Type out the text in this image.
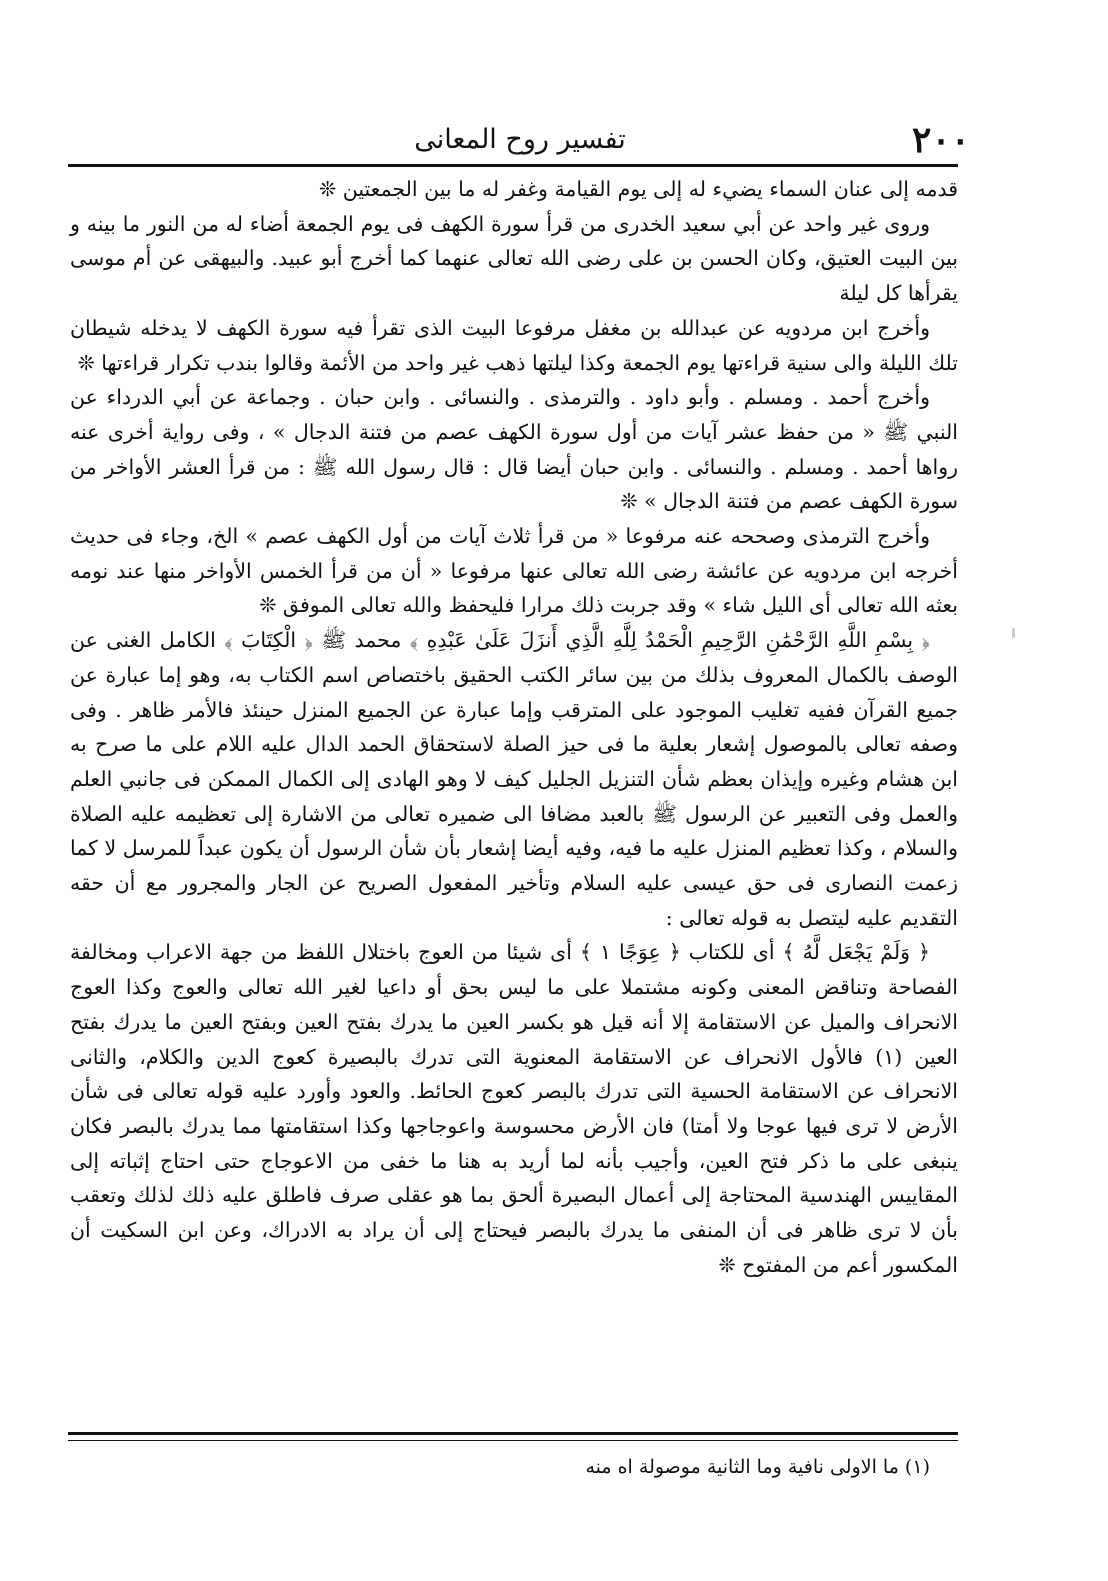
٢٠٠
تفسير روح المعانى

قدمه إلى عنان السماء يضيء له إلى يوم القيامة وغفر له ما بين الجمعتين ❊

وروى غير واحد عن أبي سعيد الخدرى من قرأ سورة الكهف فى يوم الجمعة أضاء له من النور ما بينه و بين البيت العتيق، وكان الحسن بن على رضى الله تعالى عنهما كما أخرج أبو عبيد. والبيهقى عن أم موسى يقرأها كل ليلة

وأخرج ابن مردويه عن عبدالله بن مغفل مرفوعا البيت الذى تقرأ فيه سورة الكهف لا يدخله شيطان تلك الليلة والى سنية قراءتها يوم الجمعة وكذا ليلتها ذهب غير واحد من الأئمة وقالوا بندب تكرار قراءتها ❊

وأخرج أحمد . ومسلم . وأبو داود . والترمذى . والنسائى . وابن حبان . وجماعة عن أبي الدرداء عن النبي ﷺ « من حفظ عشر آيات من أول سورة الكهف عصم من فتنة الدجال » ، وفى رواية أخرى عنه رواها أحمد . ومسلم . والنسائى . وابن حبان أيضا قال : قال رسول الله ﷺ : من قرأ العشر الأواخر من سورة الكهف عصم من فتنة الدجال » ❊

وأخرج الترمذى وصححه عنه مرفوعا « من قرأ ثلاث آيات من أول الكهف عصم » الخ، وجاء فى حديث أخرجه ابن مردويه عن عائشة رضى الله تعالى عنها مرفوعا « أن من قرأ الخمس الأواخر منها عند نومه بعثه الله تعالى أى الليل شاء » وقد جربت ذلك مرارا فليحفظ والله تعالى الموفق ❊

﴿ بِسْمِ اللَّهِ الرَّحْمَٰنِ الرَّحِيمِ الْحَمْدُ لِلَّهِ الَّذِي أَنزَلَ عَلَىٰ عَبْدِهِ ﴾ محمد ﷺ ﴿ الْكِتَابَ ﴾ الكامل الغنى عن الوصف بالكمال المعروف بذلك من بين سائر الكتب الحقيق باختصاص اسم الكتاب به، وهو إما عبارة عن جميع القرآن ففيه تغليب الموجود على المترقب وإما عبارة عن الجميع المنزل حينئذ فالأمر ظاهر . وفى وصفه تعالى بالموصول إشعار بعلية ما فى حيز الصلة لاستحقاق الحمد الدال عليه اللام على ما صرح به ابن هشام وغيره وإيذان بعظم شأن التنزيل الجليل كيف لا وهو الهادى إلى الكمال الممكن فى جانبي العلم والعمل وفى التعبير عن الرسول ﷺ بالعبد مضافا الى ضميره تعالى من الاشارة إلى تعظيمه عليه الصلاة والسلام ، وكذا تعظيم المنزل عليه ما فيه، وفيه أيضا إشعار بأن شأن الرسول أن يكون عبداً للمرسل لا كما زعمت النصارى فى حق عيسى عليه السلام وتأخير المفعول الصريح عن الجار والمجرور مع أن حقه التقديم عليه ليتصل به قوله تعالى :

﴿ وَلَمْ يَجْعَل لَّهُ ﴾ أى للكتاب ﴿ عِوَجًا ١ ﴾ أى شيئا من العوج باختلال اللفظ من جهة الاعراب ومخالفة الفصاحة وتناقض المعنى وكونه مشتملا على ما ليس بحق أو داعيا لغير الله تعالى والعوج وكذا العوج الانحراف والميل عن الاستقامة إلا أنه قيل هو بكسر العين ما يدرك بفتح العين وبفتح العين ما يدرك بفتح العين (١) فالأول الانحراف عن الاستقامة المعنوية التى تدرك بالبصيرة كعوج الدين والكلام، والثانى الانحراف عن الاستقامة الحسية التى تدرك بالبصر كعوج الحائط. والعود وأورد عليه قوله تعالى فى شأن الأرض لا ترى فيها عوجا ولا أمتا) فان الأرض محسوسة واعوجاجها وكذا استقامتها مما يدرك بالبصر فكان ينبغى على ما ذكر فتح العين، وأجيب بأنه لما أريد به هنا ما خفى من الاعوجاج حتى احتاج إثباته إلى المقاييس الهندسية المحتاجة إلى أعمال البصيرة ألحق بما هو عقلى صرف فاطلق عليه ذلك لذلك وتعقب بأن لا ترى ظاهر فى أن المنفى ما يدرك بالبصر فيحتاج إلى أن يراد به الادراك، وعن ابن السكيت أن المكسور أعم من المفتوح ❊

(١) ما الاولى نافية وما الثانية موصولة اه منه
